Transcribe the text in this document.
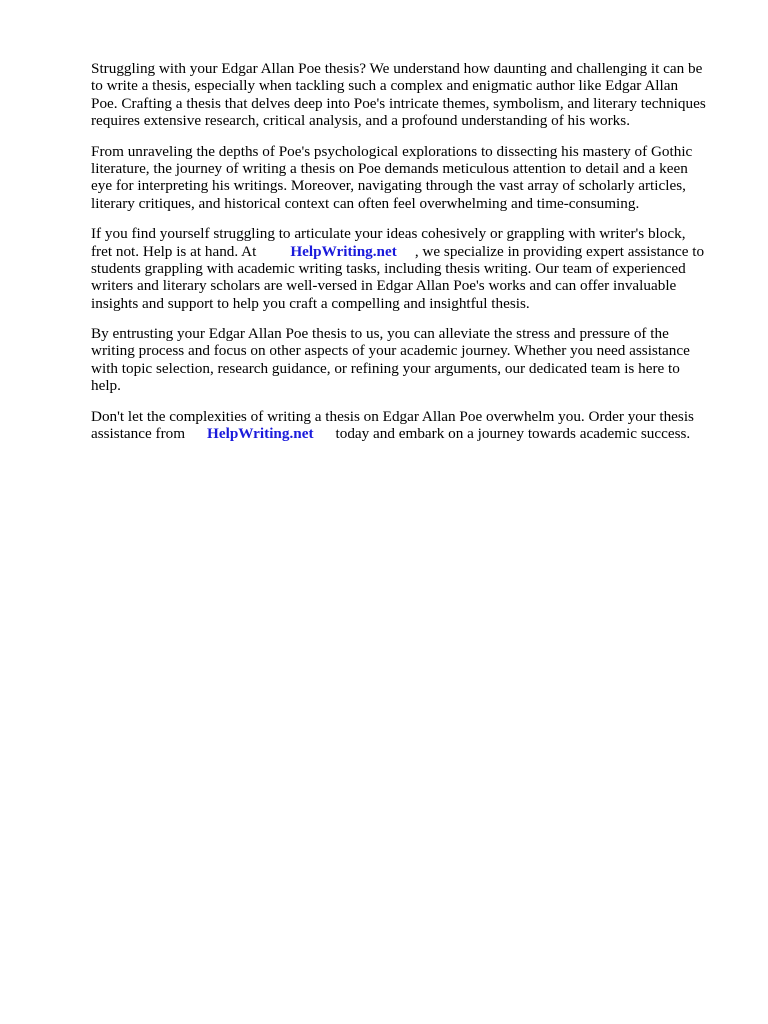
Struggling with your Edgar Allan Poe thesis? We understand how daunting and challenging it can be
to write a thesis, especially when tackling such a complex and enigmatic author like Edgar Allan
Poe. Crafting a thesis that delves deep into Poe's intricate themes, symbolism, and literary techniques
requires extensive research, critical analysis, and a profound understanding of his works.
From unraveling the depths of Poe's psychological explorations to dissecting his mastery of Gothic
literature, the journey of writing a thesis on Poe demands meticulous attention to detail and a keen
eye for interpreting his writings. Moreover, navigating through the vast array of scholarly articles,
literary critiques, and historical context can often feel overwhelming and time-consuming.
If you find yourself struggling to articulate your ideas cohesively or grappling with writer's block,
fret not. Help is at hand. At HelpWriting.net , we specialize in providing expert assistance to
students grappling with academic writing tasks, including thesis writing. Our team of experienced
writers and literary scholars are well-versed in Edgar Allan Poe's works and can offer invaluable
insights and support to help you craft a compelling and insightful thesis.
By entrusting your Edgar Allan Poe thesis to us, you can alleviate the stress and pressure of the
writing process and focus on other aspects of your academic journey. Whether you need assistance
with topic selection, research guidance, or refining your arguments, our dedicated team is here to
help.
Don't let the complexities of writing a thesis on Edgar Allan Poe overwhelm you. Order your thesis
assistance from HelpWriting.net today and embark on a journey towards academic success.
